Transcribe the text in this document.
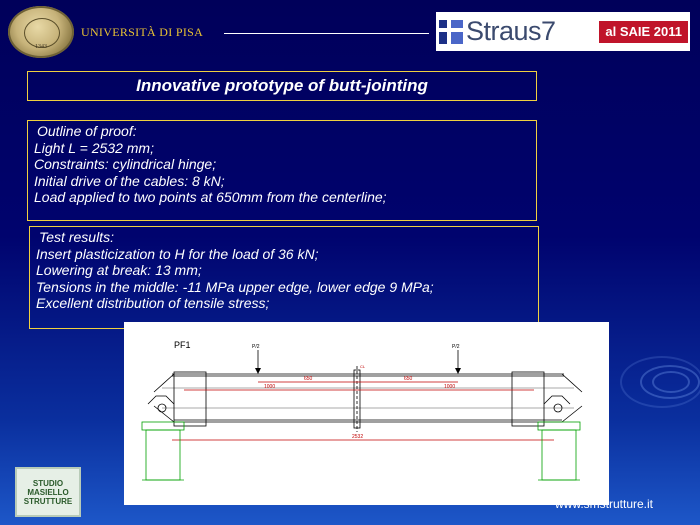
1343
UNIVERSITÀ DI PISA	Straus7	al SAIE 2011
Innovative prototype of butt-jointing
Outline of proof:
Light L = 2532 mm;
Constraints: cylindrical hinge;
Initial drive of the cables: 8 kN;
Load applied to two points at 650mm from the centerline;
Test results:
Insert plasticization to H for the load of 36 kN;
Lowering at break: 13 mm;
Tensions in the middle: -11 MPa upper edge, lower edge 9 MPa;
Excellent distribution of tensile stress;
PF1	P/2	P/2
650	650
1000	1000
2532
CL
STUDIO
MASIELLO
STRUTTURE	www.smstrutture.it
